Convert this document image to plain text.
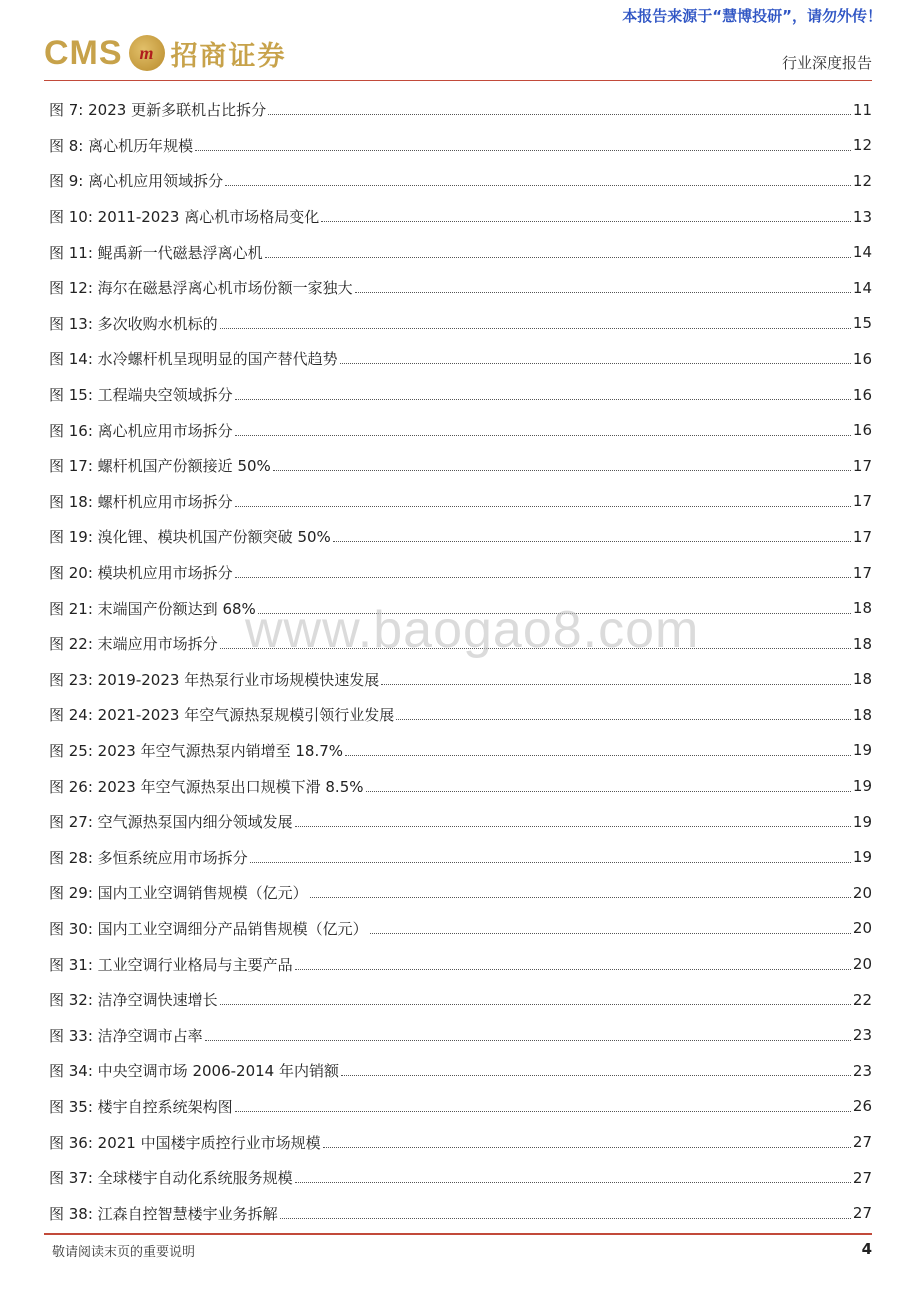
本报告来源于“慧博投研”，请勿外传！
CMS m 招商证券	行业深度报告
图 7: 2023 更新多联机占比拆分	11
图 8: 离心机历年规模	12
图 9: 离心机应用领域拆分	12
图 10: 2011-2023 离心机市场格局变化	13
图 11: 鲲禹新一代磁悬浮离心机	14
图 12: 海尔在磁悬浮离心机市场份额一家独大	14
图 13: 多次收购水机标的	15
图 14: 水冷螺杆机呈现明显的国产替代趋势	16
图 15: 工程端央空领域拆分	16
图 16: 离心机应用市场拆分	16
图 17: 螺杆机国产份额接近 50%	17
图 18: 螺杆机应用市场拆分	17
图 19: 溴化锂、模块机国产份额突破 50%	17
图 20: 模块机应用市场拆分	17
图 21: 末端国产份额达到 68%	18
图 22: 末端应用市场拆分	18
图 23: 2019-2023 年热泵行业市场规模快速发展	18
图 24: 2021-2023 年空气源热泵规模引领行业发展	18
图 25: 2023 年空气源热泵内销增至 18.7%	19
图 26: 2023 年空气源热泵出口规模下滑 8.5%	19
图 27: 空气源热泵国内细分领域发展	19
图 28: 多恒系统应用市场拆分	19
图 29: 国内工业空调销售规模（亿元）	20
图 30: 国内工业空调细分产品销售规模（亿元）	20
图 31: 工业空调行业格局与主要产品	20
图 32: 洁净空调快速增长	22
图 33: 洁净空调市占率	23
图 34: 中央空调市场 2006-2014 年内销额	23
图 35: 楼宇自控系统架构图	26
图 36: 2021 中国楼宇质控行业市场规模	27
图 37: 全球楼宇自动化系统服务规模	27
图 38: 江森自控智慧楼宇业务拆解	27
www.baogao8.com
敬请阅读末页的重要说明	4
